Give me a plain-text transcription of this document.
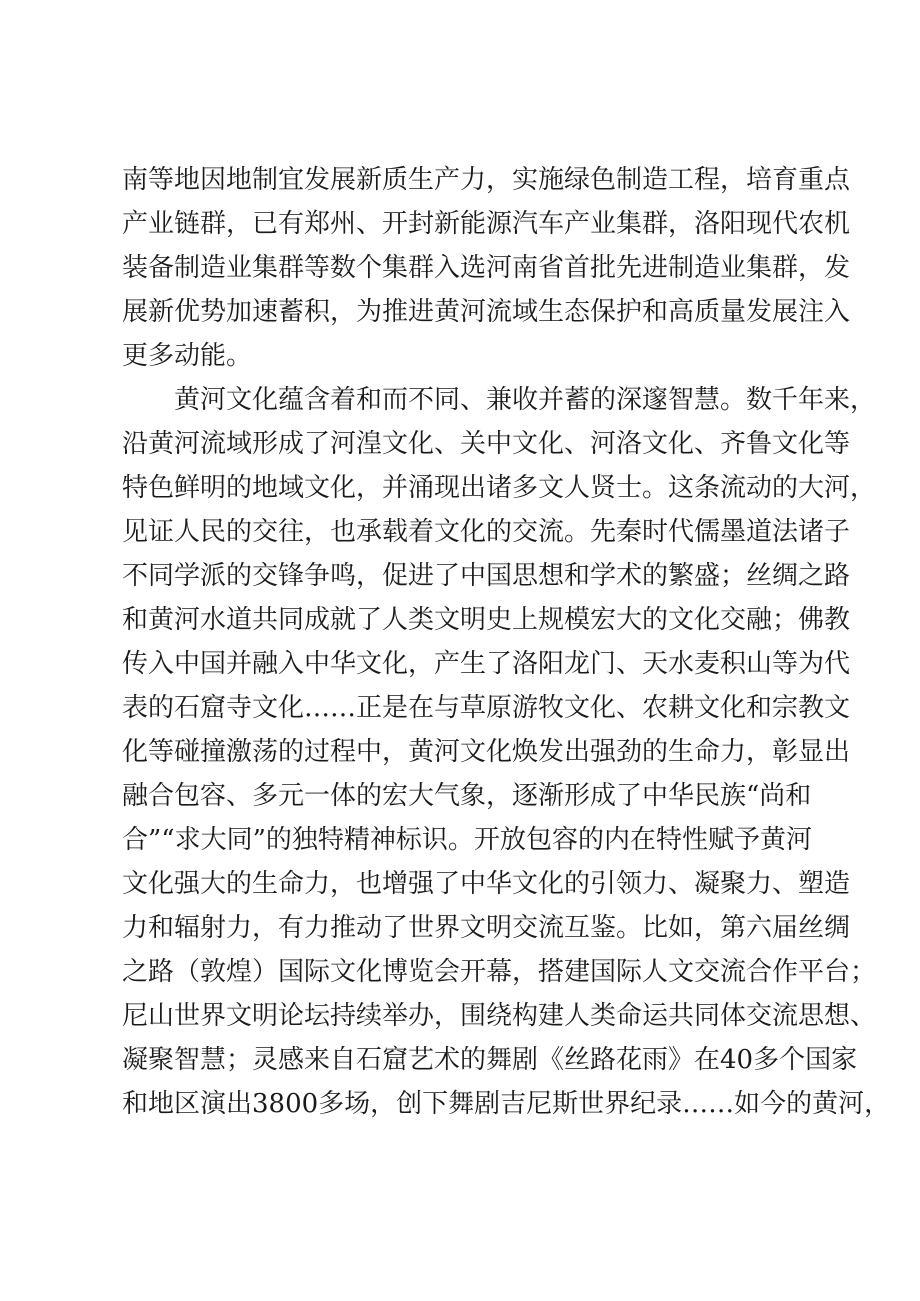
南等地因地制宜发展新质生产力，实施绿色制造工程，培育重点
产业链群，已有郑州、开封新能源汽车产业集群，洛阳现代农机
装备制造业集群等数个集群入选河南省首批先进制造业集群，发
展新优势加速蓄积，为推进黄河流域生态保护和高质量发展注入
更多动能。
黄河文化蕴含着和而不同、兼收并蓄的深邃智慧。数千年来，
沿黄河流域形成了河湟文化、关中文化、河洛文化、齐鲁文化等
特色鲜明的地域文化，并涌现出诸多文人贤士。这条流动的大河，
见证人民的交往，也承载着文化的交流。先秦时代儒墨道法诸子
不同学派的交锋争鸣，促进了中国思想和学术的繁盛；丝绸之路
和黄河水道共同成就了人类文明史上规模宏大的文化交融；佛教
传入中国并融入中华文化，产生了洛阳龙门、天水麦积山等为代
表的石窟寺文化……正是在与草原游牧文化、农耕文化和宗教文
化等碰撞激荡的过程中，黄河文化焕发出强劲的生命力，彰显出
融合包容、多元一体的宏大气象，逐渐形成了中华民族“尚和
合”“求大同”的独特精神标识。开放包容的内在特性赋予黄河
文化强大的生命力，也增强了中华文化的引领力、凝聚力、塑造
力和辐射力，有力推动了世界文明交流互鉴。比如，第六届丝绸
之路（敦煌）国际文化博览会开幕，搭建国际人文交流合作平台；
尼山世界文明论坛持续举办，围绕构建人类命运共同体交流思想、
凝聚智慧；灵感来自石窟艺术的舞剧《丝路花雨》在40多个国家
和地区演出3800多场，创下舞剧吉尼斯世界纪录……如今的黄河，
